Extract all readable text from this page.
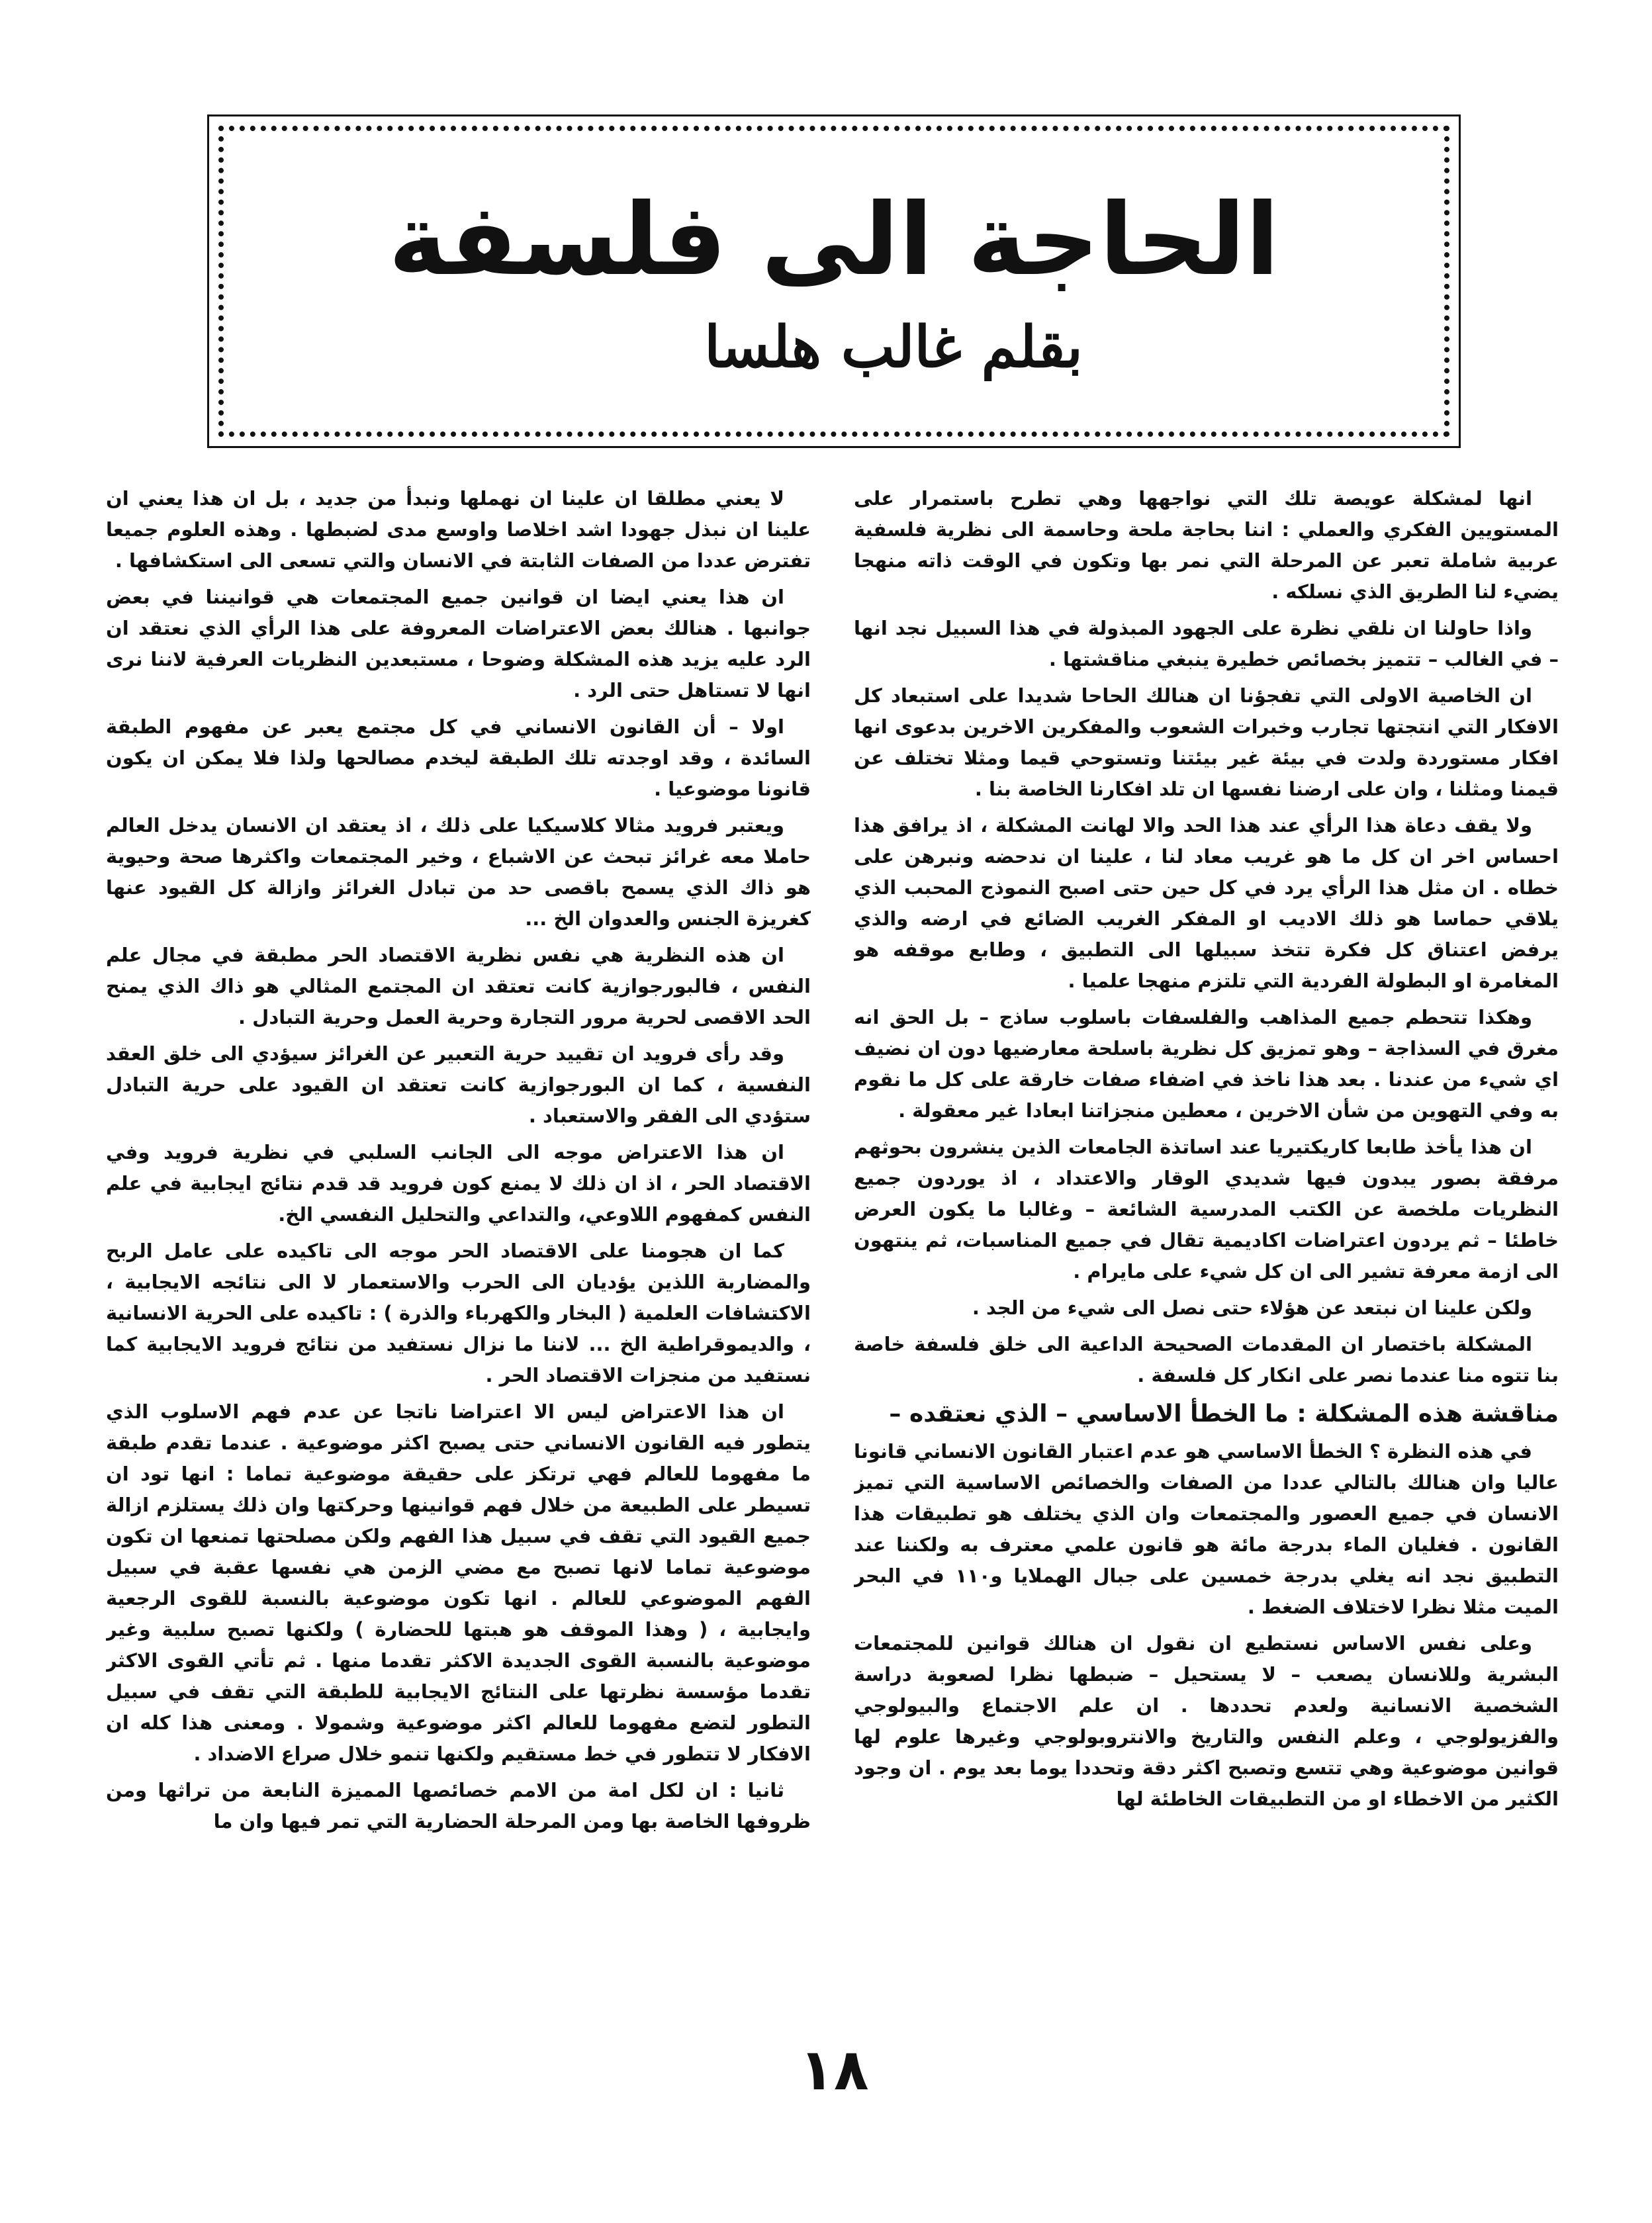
الحاجة الى فلسفة
بقلم غالب هلسا

انها لمشكلة عويصة تلك التي نواجهها وهي تطرح باستمرار على المستويين الفكري والعملي : اننا بحاجة ملحة وحاسمة الى نظرية فلسفية عربية شاملة تعبر عن المرحلة التي نمر بها وتكون في الوقت ذاته منهجا يضيء لنا الطريق الذي نسلكه .

واذا حاولنا ان نلقي نظرة على الجهود المبذولة في هذا السبيل نجد انها – في الغالب – تتميز بخصائص خطيرة ينبغي مناقشتها .

ان الخاصية الاولى التي تفجؤنا ان هنالك الحاحا شديدا على استبعاد كل الافكار التي انتجتها تجارب وخبرات الشعوب والمفكرين الاخرين بدعوى انها افكار مستوردة ولدت في بيئة غير بيئتنا وتستوحي قيما ومثلا تختلف عن قيمنا ومثلنا ، وان على ارضنا نفسها ان تلد افكارنا الخاصة بنا .

ولا يقف دعاة هذا الرأي عند هذا الحد والا لهانت المشكلة ، اذ يرافق هذا احساس اخر ان كل ما هو غريب معاد لنا ، علينا ان ندحضه ونبرهن على خطاه . ان مثل هذا الرأي يرد في كل حين حتى اصبح النموذج المحبب الذي يلاقي حماسا هو ذلك الاديب او المفكر الغريب الضائع في ارضه والذي يرفض اعتناق كل فكرة تتخذ سبيلها الى التطبيق ، وطابع موقفه هو المغامرة او البطولة الفردية التي تلتزم منهجا علميا .

وهكذا تتحطم جميع المذاهب والفلسفات باسلوب ساذج – بل الحق انه مغرق في السذاجة – وهو تمزيق كل نظرية باسلحة معارضيها دون ان نضيف اي شيء من عندنا . بعد هذا ناخذ في اضفاء صفات خارقة على كل ما نقوم به وفي التهوين من شأن الاخرين ، معطين منجزاتنا ابعادا غير معقولة .

ان هذا يأخذ طابعا كاريكتيريا عند اساتذة الجامعات الذين ينشرون بحوثهم مرفقة بصور يبدون فيها شديدي الوقار والاعتداد ، اذ يوردون جميع النظريات ملخصة عن الكتب المدرسية الشائعة – وغالبا ما يكون العرض خاطئا – ثم يردون اعتراضات اكاديمية تقال في جميع المناسبات، ثم ينتهون الى ازمة معرفة تشير الى ان كل شيء على مايرام .

ولكن علينا ان نبتعد عن هؤلاء حتى نصل الى شيء من الجد .

المشكلة باختصار ان المقدمات الصحيحة الداعية الى خلق فلسفة خاصة بنا تتوه منا عندما نصر على انكار كل فلسفة .

مناقشة هذه المشكلة : ما الخطأ الاساسي – الذي نعتقده –

في هذه النظرة ؟ الخطأ الاساسي هو عدم اعتبار القانون الانساني قانونا عاليا وان هنالك بالتالي عددا من الصفات والخصائص الاساسية التي تميز الانسان في جميع العصور والمجتمعات وان الذي يختلف هو تطبيقات هذا القانون . فغليان الماء بدرجة مائة هو قانون علمي معترف به ولكننا عند التطبيق نجد انه يغلي بدرجة خمسين على جبال الهملايا و١١٠ في البحر الميت مثلا نظرا لاختلاف الضغط .

وعلى نفس الاساس نستطيع ان نقول ان هنالك قوانين للمجتمعات البشرية وللانسان يصعب – لا يستحيل – ضبطها نظرا لصعوبة دراسة الشخصية الانسانية ولعدم تحددها . ان علم الاجتماع والبيولوجي والفزيولوجي ، وعلم النفس والتاريخ والانتروبولوجي وغيرها علوم لها قوانين موضوعية وهي تتسع وتصبح اكثر دقة وتحددا يوما بعد يوم . ان وجود الكثير من الاخطاء او من التطبيقات الخاطئة لها

لا يعني مطلقا ان علينا ان نهملها ونبدأ من جديد ، بل ان هذا يعني ان علينا ان نبذل جهودا اشد اخلاصا واوسع مدى لضبطها . وهذه العلوم جميعا تفترض عددا من الصفات الثابتة في الانسان والتي تسعى الى استكشافها .

ان هذا يعني ايضا ان قوانين جميع المجتمعات هي قوانيننا في بعض جوانبها . هنالك بعض الاعتراضات المعروفة على هذا الرأي الذي نعتقد ان الرد عليه يزيد هذه المشكلة وضوحا ، مستبعدين النظريات العرفية لاننا نرى انها لا تستاهل حتى الرد .

اولا – أن القانون الانساني في كل مجتمع يعبر عن مفهوم الطبقة السائدة ، وقد اوجدته تلك الطبقة ليخدم مصالحها ولذا فلا يمكن ان يكون قانونا موضوعيا .

ويعتبر فرويد مثالا كلاسيكيا على ذلك ، اذ يعتقد ان الانسان يدخل العالم حاملا معه غرائز تبحث عن الاشباع ، وخير المجتمعات واكثرها صحة وحيوية هو ذاك الذي يسمح باقصى حد من تبادل الغرائز وازالة كل القيود عنها كغريزة الجنس والعدوان الخ ...

ان هذه النظرية هي نفس نظرية الاقتصاد الحر مطبقة في مجال علم النفس ، فالبورجوازية كانت تعتقد ان المجتمع المثالي هو ذاك الذي يمنح الحد الاقصى لحرية مرور التجارة وحرية العمل وحرية التبادل .

وقد رأى فرويد ان تقييد حرية التعبير عن الغرائز سيؤدي الى خلق العقد النفسية ، كما ان البورجوازية كانت تعتقد ان القيود على حرية التبادل ستؤدي الى الفقر والاستعباد .

ان هذا الاعتراض موجه الى الجانب السلبي في نظرية فرويد وفي الاقتصاد الحر ، اذ ان ذلك لا يمنع كون فرويد قد قدم نتائج ايجابية في علم النفس كمفهوم اللاوعي، والتداعي والتحليل النفسي الخ.

كما ان هجومنا على الاقتصاد الحر موجه الى تاكيده على عامل الربح والمضاربة اللذين يؤديان الى الحرب والاستعمار لا الى نتائجه الايجابية ، الاكتشافات العلمية ( البخار والكهرباء والذرة ) : تاكيده على الحرية الانسانية ، والديموقراطية الخ ... لاننا ما نزال نستفيد من نتائج فرويد الايجابية كما نستفيد من منجزات الاقتصاد الحر .

ان هذا الاعتراض ليس الا اعتراضا ناتجا عن عدم فهم الاسلوب الذي يتطور فيه القانون الانساني حتى يصبح اكثر موضوعية . عندما تقدم طبقة ما مفهوما للعالم فهي ترتكز على حقيقة موضوعية تماما : انها تود ان تسيطر على الطبيعة من خلال فهم قوانينها وحركتها وان ذلك يستلزم ازالة جميع القيود التي تقف في سبيل هذا الفهم ولكن مصلحتها تمنعها ان تكون موضوعية تماما لانها تصبح مع مضي الزمن هي نفسها عقبة في سبيل الفهم الموضوعي للعالم . انها تكون موضوعية بالنسبة للقوى الرجعية وايجابية ، ( وهذا الموقف هو هبتها للحضارة ) ولكنها تصبح سلبية وغير موضوعية بالنسبة القوى الجديدة الاكثر تقدما منها . ثم تأتي القوى الاكثر تقدما مؤسسة نظرتها على النتائج الايجابية للطبقة التي تقف في سبيل التطور لتضع مفهوما للعالم اكثر موضوعية وشمولا . ومعنى هذا كله ان الافكار لا تتطور في خط مستقيم ولكنها تنمو خلال صراع الاضداد .

ثانيا : ان لكل امة من الامم خصائصها المميزة النابعة من تراثها ومن ظروفها الخاصة بها ومن المرحلة الحضارية التي تمر فيها وان ما

١٨
